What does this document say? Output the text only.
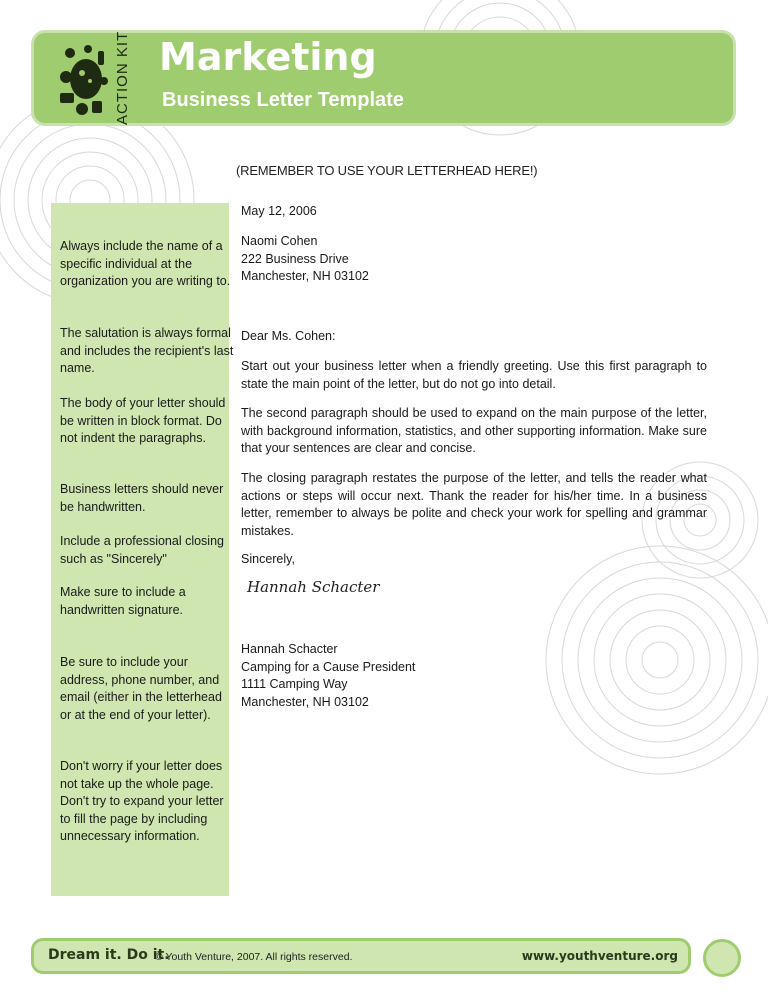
ACTION KIT Marketing
Business Letter Template
(REMEMBER TO USE YOUR LETTERHEAD HERE!)

Always include the name of a specific individual at the organization you are writing to.

The salutation is always formal and includes the recipient's last name.

The body of your letter should be written in block format. Do not indent the paragraphs.

Business letters should never be handwritten.

Include a professional closing such as "Sincerely"

Make sure to include a handwritten signature.

Be sure to include your address, phone number, and email (either in the letterhead or at the end of your letter).

Don't worry if your letter does not take up the whole page. Don't try to expand your letter to fill the page by including unnecessary information.

May 12, 2006

Naomi Cohen
222 Business Drive
Manchester, NH 03102

Dear Ms. Cohen:

Start out your business letter when a friendly greeting. Use this first paragraph to state the main point of the letter, but do not go into detail.

The second paragraph should be used to expand on the main purpose of the letter, with background information, statistics, and other supporting information. Make sure that your sentences are clear and concise.

The closing paragraph restates the purpose of the letter, and tells the reader what actions or steps will occur next. Thank the reader for his/her time. In a business letter, remember to always be polite and check your work for spelling and grammar mistakes.

Sincerely,

Hannah Schacter
Hannah Schacter
Camping for a Cause President
1111 Camping Way
Manchester, NH 03102
Dream it. Do it.
© Youth Venture, 2007. All rights reserved.	www.youthventure.org
